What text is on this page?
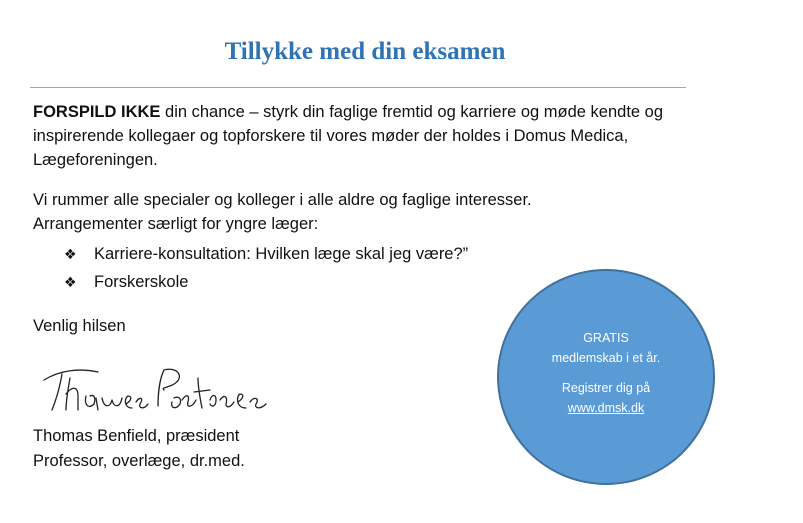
Tillykke med din eksamen

FORSPILD IKKE din chance – styrk din faglige fremtid og karriere og møde kendte og inspirerende kollegaer og topforskere til vores møder der holdes i Domus Medica, Lægeforeningen.

Vi rummer alle specialer og kolleger i alle aldre og faglige interesser.
Arrangementer særligt for yngre læger:

❖	Karriere-konsultation: Hvilken læge skal jeg være?”
❖	Forskerskole

Venlig hilsen

Thomas Benfield, præsident

Professor, overlæge, dr.med.

GRATIS

medlemskab i et år.

Registrer dig på

www.dmsk.dk
